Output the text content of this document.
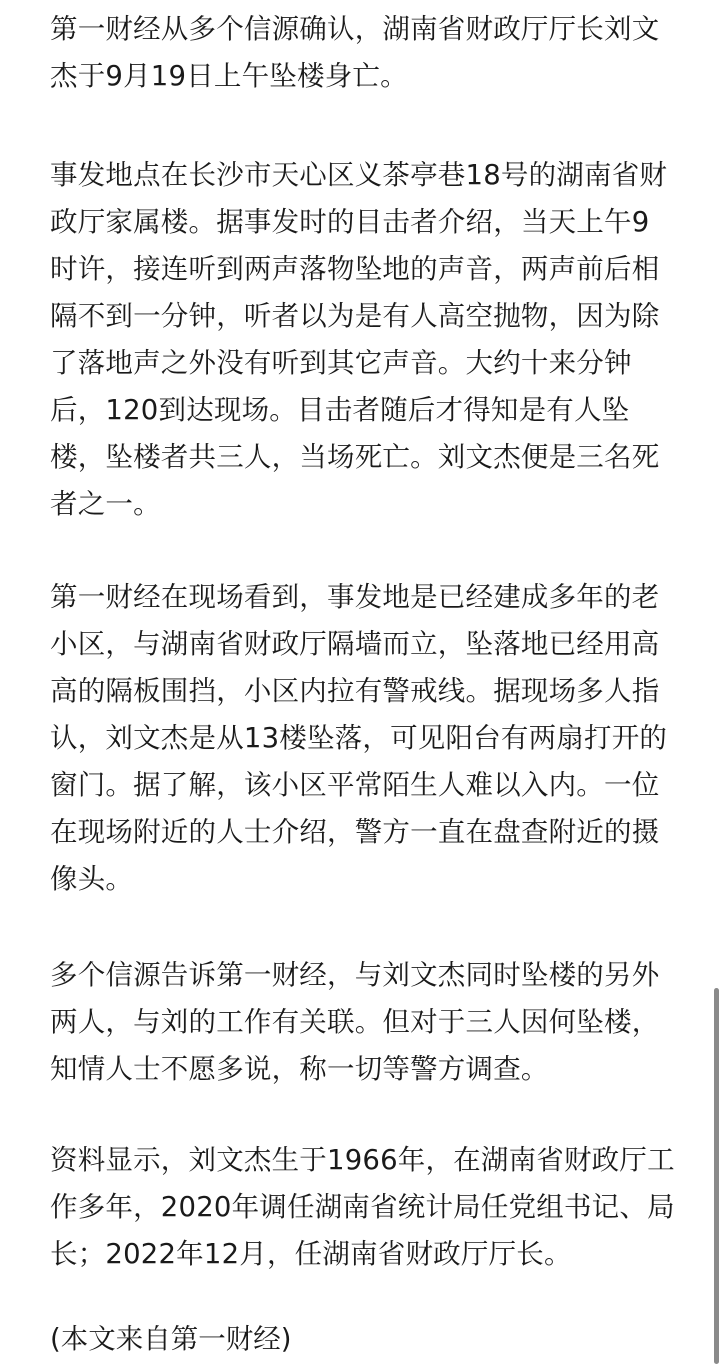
第一财经从多个信源确认，湖南省财政厅厅长刘文杰于9月19日上午坠楼身亡。

事发地点在长沙市天心区义茶亭巷18号的湖南省财政厅家属楼。据事发时的目击者介绍，当天上午9时许，接连听到两声落物坠地的声音，两声前后相隔不到一分钟，听者以为是有人高空抛物，因为除了落地声之外没有听到其它声音。大约十来分钟后，120到达现场。目击者随后才得知是有人坠楼，坠楼者共三人，当场死亡。刘文杰便是三名死者之一。

第一财经在现场看到，事发地是已经建成多年的老小区，与湖南省财政厅隔墙而立，坠落地已经用高高的隔板围挡，小区内拉有警戒线。据现场多人指认，刘文杰是从13楼坠落，可见阳台有两扇打开的窗门。据了解，该小区平常陌生人难以入内。一位在现场附近的人士介绍，警方一直在盘查附近的摄像头。

多个信源告诉第一财经，与刘文杰同时坠楼的另外两人，与刘的工作有关联。但对于三人因何坠楼，知情人士不愿多说，称一切等警方调查。

资料显示，刘文杰生于1966年，在湖南省财政厅工作多年，2020年调任湖南省统计局任党组书记、局长；2022年12月，任湖南省财政厅厅长。

(本文来自第一财经)
